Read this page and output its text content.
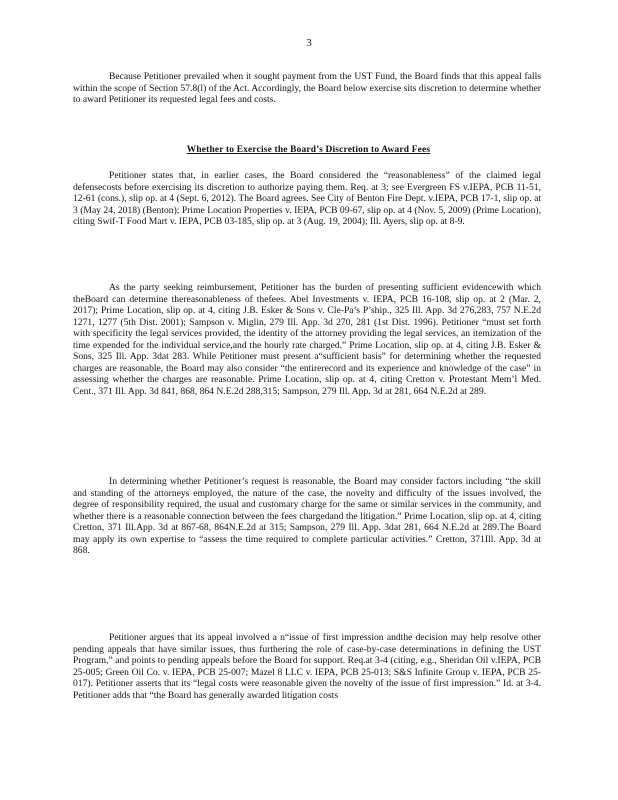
3

Because Petitioner prevailed when it sought payment from the UST Fund, the Board finds that this appeal falls within the scope of Section 57.8(l) of the Act. Accordingly, the Board below exercise sits discretion to determine whether to award Petitioner its requested legal fees and costs.

Whether to Exercise the Board’s Discretion to Award Fees

Petitioner states that, in earlier cases, the Board considered the “reasonableness” of the claimed legal defensecosts before exercising its discretion to authorize paying them. Req. at 3; see Evergreen FS v.IEPA, PCB 11-51, 12-61 (cons.), slip op. at 4 (Sept. 6, 2012). The Board agrees. See City of Benton Fire Dept. v.IEPA, PCB 17-1, slip op. at 3 (May 24, 2018) (Benton); Prime Location Properties v. IEPA, PCB 09-67, slip op. at 4 (Nov. 5, 2009) (Prime Location), citing Swif-T Food Mart v. IEPA, PCB 03-185, slip op. at 3 (Aug. 19, 2004); Ill. Ayers, slip op. at 8-9.

As the party seeking reimbursement, Petitioner has the burden of presenting sufficient evidencewith which theBoard can determine thereasonableness of thefees. Abel Investments v. IEPA, PCB 16-108, slip op. at 2 (Mar. 2, 2017); Prime Location, slip op. at 4, citing J.B. Esker & Sons v. Cle-Pa’s P’ship., 325 Ill. App. 3d 276,283, 757 N.E.2d 1271, 1277 (5th Dist. 2001); Sampson v. Miglin, 279 Ill. App. 3d 270, 281 (1st Dist. 1996). Petitioner “must set forth with specificity the legal services provided, the identity of the attorney providing the legal services, an itemization of the time expended for the individual service,and the hourly rate charged.” Prime Location, slip op. at 4, citing J.B. Esker & Sons, 325 Ill. App. 3dat 283. While Petitioner must present a“sufficient basis” for determining whether the requested charges are reasonable, the Board may also consider “the entirerecord and its experience and knowledge of the case” in assessing whether the charges are reasonable. Prime Location, slip op. at 4, citing Cretton v. Protestant Mem’l Med. Cent., 371 Ill. App. 3d 841, 868, 864 N.E.2d 288,315; Sampson, 279 Ill. App. 3d at 281, 664 N.E.2d at 289.

In determining whether Petitioner’s request is reasonable, the Board may consider factors including “the skill and standing of the attorneys employed, the nature of the case, the novelty and difficulty of the issues involved, the degree of responsibility required, the usual and customary charge for the same or similar services in the community, and whether there is a reasonable connection between the fees chargedand the litigation.” Prime Location, slip op. at 4, citing Cretton, 371 Ill.App. 3d at 867-68, 864N.E.2d at 315; Sampson, 279 Ill. App. 3dat 281, 664 N.E.2d at 289.The Board may apply its own expertise to “assess the time required to complete particular activities.” Cretton, 371Ill. App. 3d at 868.

Petitioner argues that its appeal involved a n“issue of first impression andthe decision may help resolve other pending appeals that have similar issues, thus furthering the role of case-by-case determinations in defining the UST Program,” and points to pending appeals before the Board for support. Req.at 3-4 (citing, e.g., Sheridan Oil v.IEPA, PCB 25-005; Green Oil Co. v. IEPA, PCB 25-007; Mazel 8 LLC v. IEPA, PCB 25-013; S&S Infinite Group v. IEPA, PCB 25-017). Petitioner asserts that its “legal costs were reasonable given the novelty of the issue of first impression.” Id. at 3-4. Petitioner adds that “the Board has generally awarded litigation costs
